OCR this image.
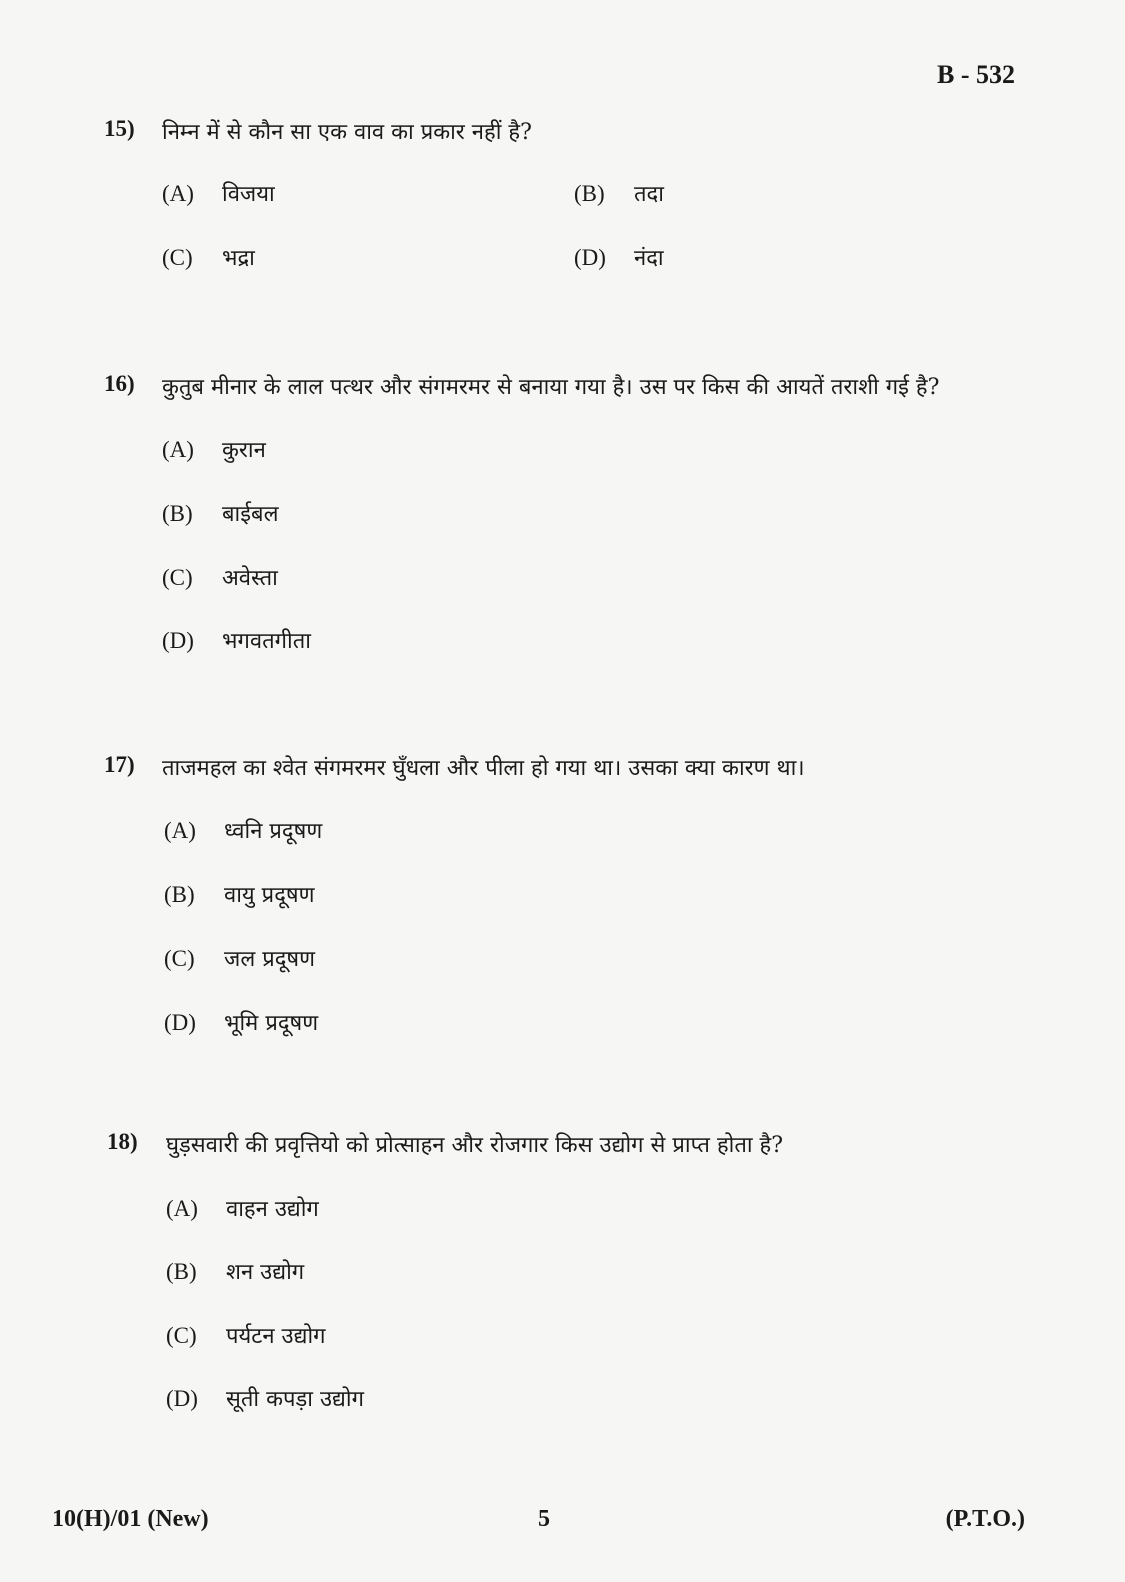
B - 532
15) निम्न में से कौन सा एक वाव का प्रकार नहीं है?
(A) विजया	(B) तदा
(C) भद्रा	(D) नंदा
16) कुतुब मीनार के लाल पत्थर और संगमरमर से बनाया गया है। उस पर किस की आयतें तराशी गई है?
(A) कुरान
(B) बाईबल
(C) अवेस्ता
(D) भगवतगीता
17) ताजमहल का श्वेत संगमरमर घुँधला और पीला हो गया था। उसका क्या कारण था।
(A) ध्वनि प्रदूषण
(B) वायु प्रदूषण
(C) जल प्रदूषण
(D) भूमि प्रदूषण
18) घुड़सवारी की प्रवृत्तियो को प्रोत्साहन और रोजगार किस उद्योग से प्राप्त होता है?
(A) वाहन उद्योग
(B) शन उद्योग
(C) पर्यटन उद्योग
(D) सूती कपड़ा उद्योग
10(H)/01 (New)	5	(P.T.O.)
